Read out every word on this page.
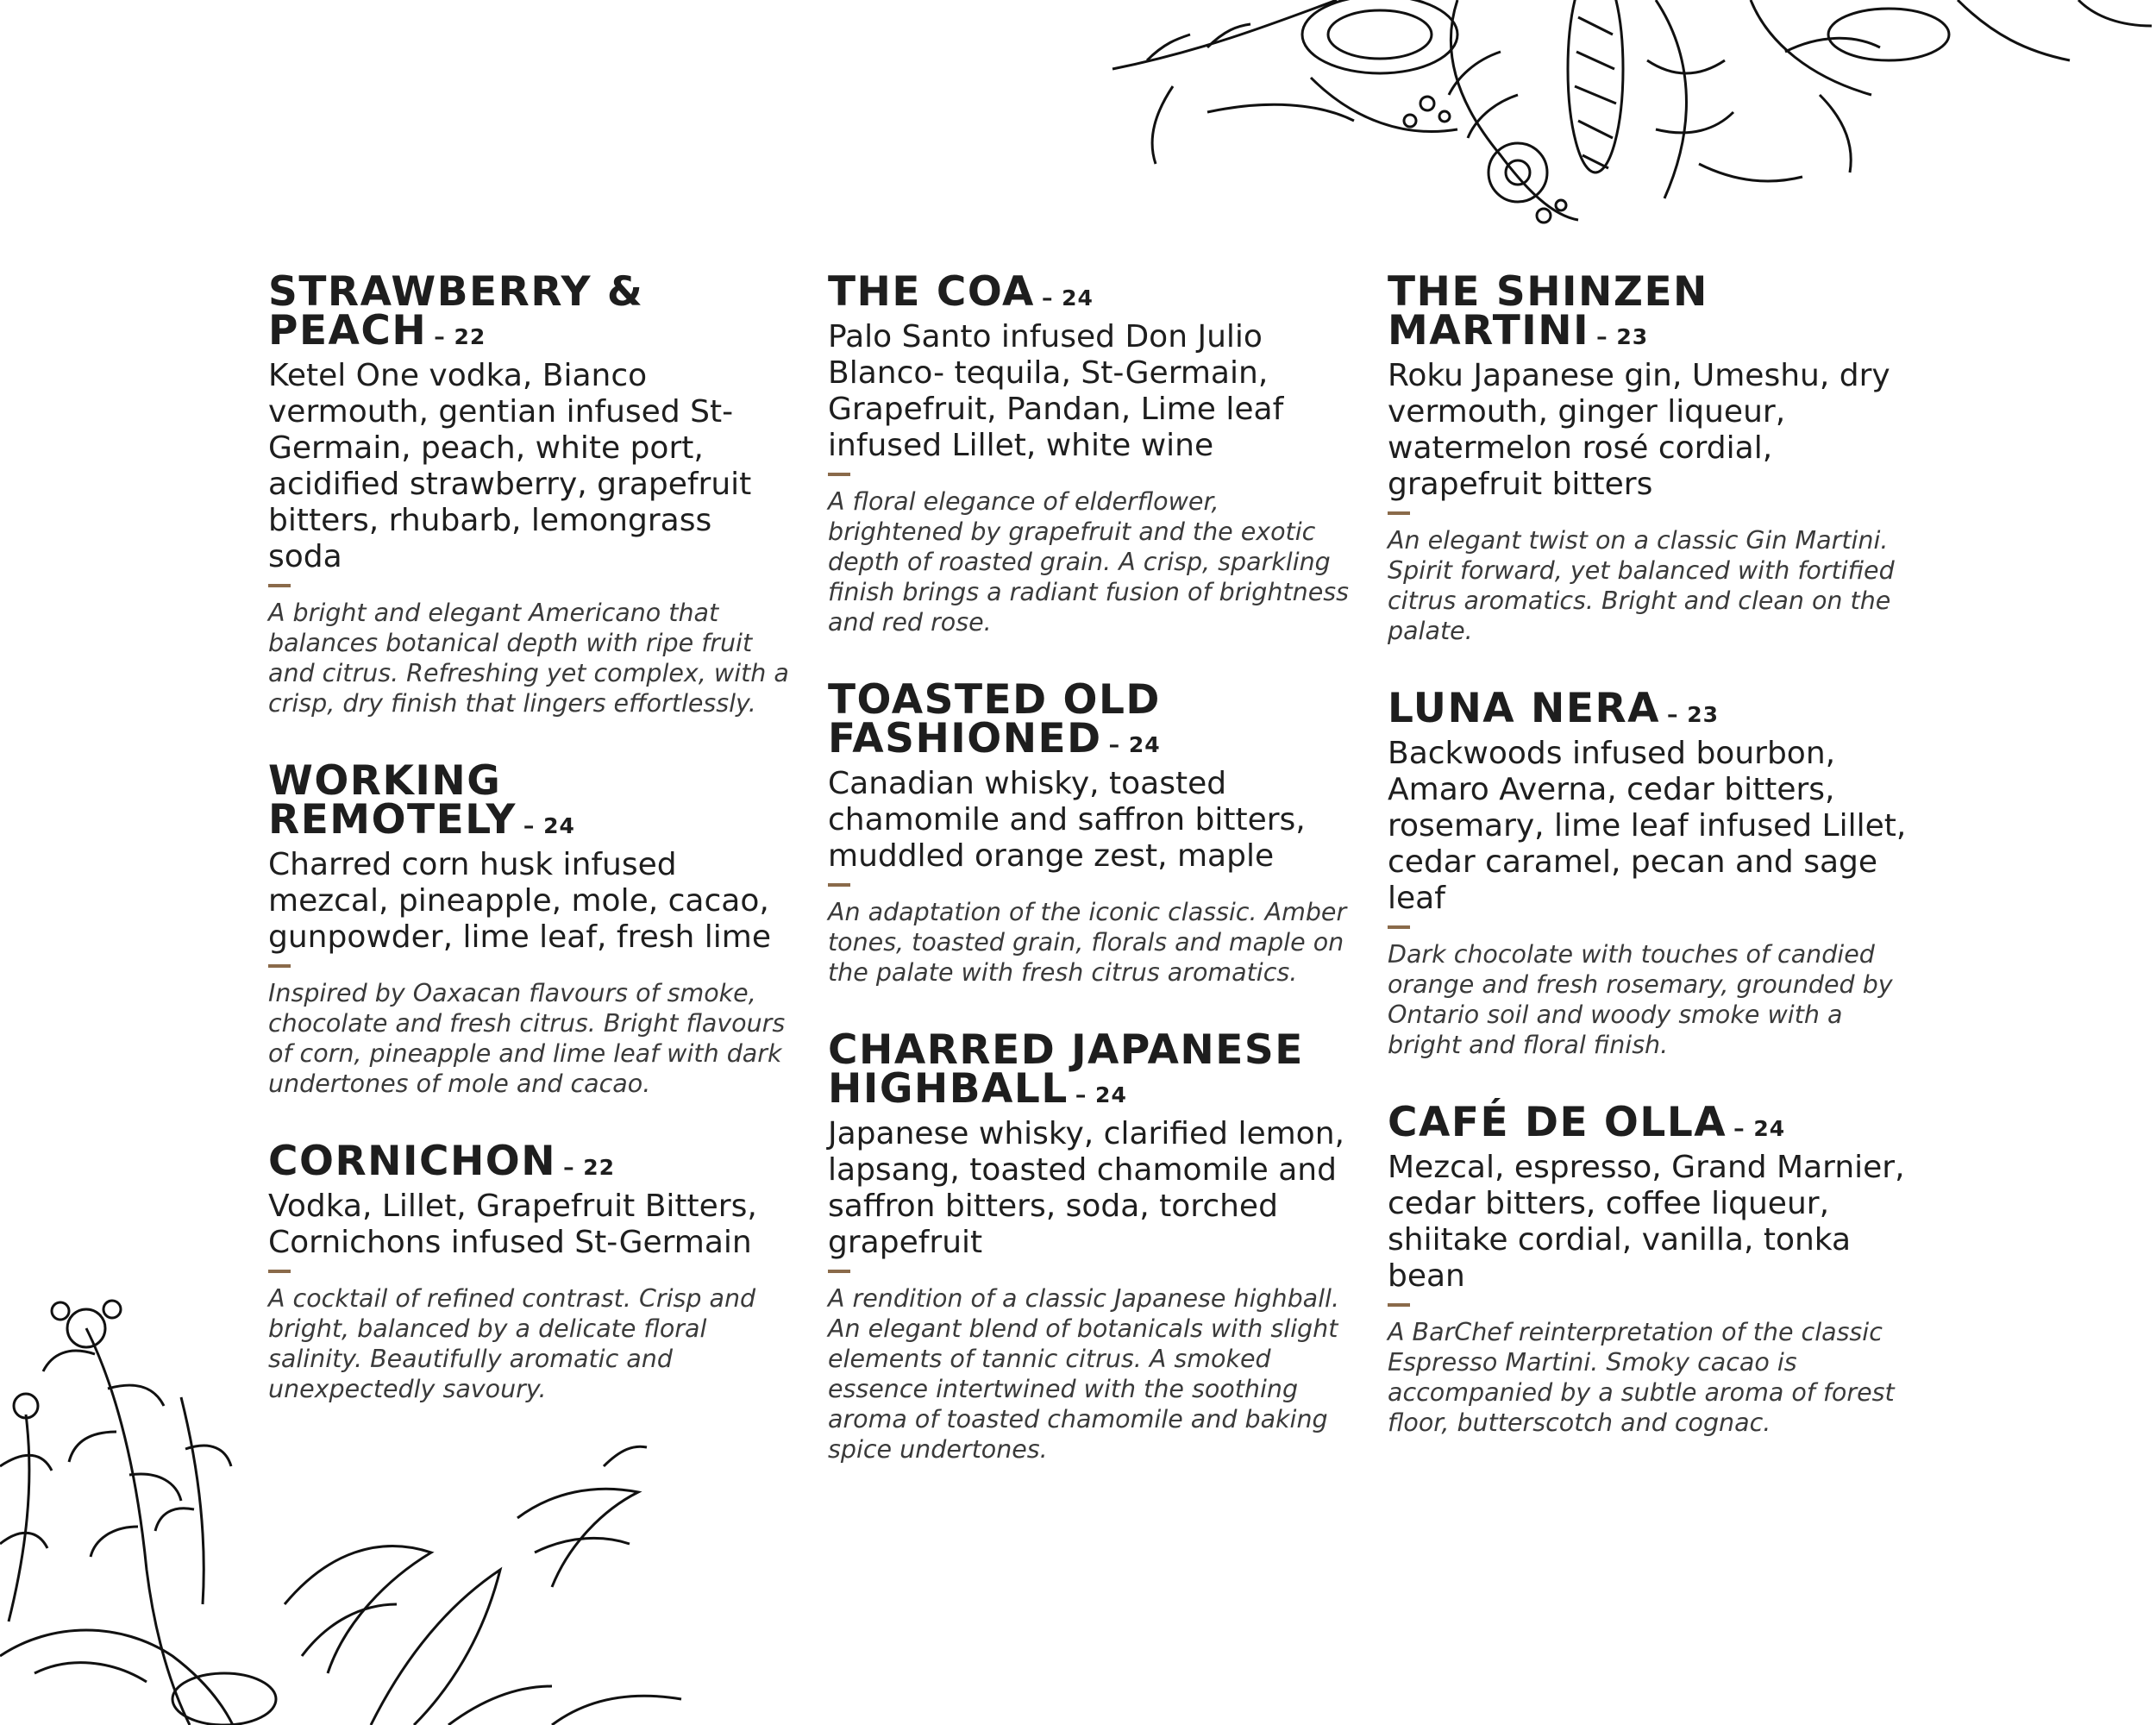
STRAWBERRY & PEACH – 22

Ketel One vodka, Bianco vermouth, gentian infused St-Germain, peach, white port, acidified strawberry, grapefruit bitters, rhubarb, lemongrass soda

A bright and elegant Americano that balances botanical depth with ripe fruit and citrus. Refreshing yet complex, with a crisp, dry finish that lingers effortlessly.

WORKING REMOTELY – 24

Charred corn husk infused mezcal, pineapple, mole, cacao, gunpowder, lime leaf, fresh lime

Inspired by Oaxacan flavours of smoke, chocolate and fresh citrus. Bright flavours of corn, pineapple and lime leaf with dark undertones of mole and cacao.

CORNICHON – 22

Vodka, Lillet, Grapefruit Bitters, Cornichons infused St-Germain

A cocktail of refined contrast. Crisp and bright, balanced by a delicate floral salinity. Beautifully aromatic and unexpectedly savoury.

THE COA – 24

Palo Santo infused Don Julio Blanco- tequila, St-Germain, Grapefruit, Pandan, Lime leaf infused Lillet, white wine

A floral elegance of elderflower, brightened by grapefruit and the exotic depth of roasted grain. A crisp, sparkling finish brings a radiant fusion of brightness and red rose.

TOASTED OLD FASHIONED – 24

Canadian whisky, toasted chamomile and saffron bitters, muddled orange zest, maple

An adaptation of the iconic classic. Amber tones, toasted grain, florals and maple on the palate with fresh citrus aromatics.

CHARRED JAPANESE HIGHBALL – 24

Japanese whisky, clarified lemon, lapsang, toasted chamomile and saffron bitters, soda, torched grapefruit

A rendition of a classic Japanese highball. An elegant blend of botanicals with slight elements of tannic citrus. A smoked essence intertwined with the soothing aroma of toasted chamomile and baking spice undertones.

THE SHINZEN MARTINI – 23

Roku Japanese gin, Umeshu, dry vermouth, ginger liqueur, watermelon rosé cordial, grapefruit bitters

An elegant twist on a classic Gin Martini. Spirit forward, yet balanced with fortified citrus aromatics. Bright and clean on the palate.

LUNA NERA – 23

Backwoods infused bourbon, Amaro Averna, cedar bitters, rosemary, lime leaf infused Lillet, cedar caramel, pecan and sage leaf

Dark chocolate with touches of candied orange and fresh rosemary, grounded by Ontario soil and woody smoke with a bright and floral finish.

CAFÉ DE OLLA – 24

Mezcal, espresso, Grand Marnier, cedar bitters, coffee liqueur, shiitake cordial, vanilla, tonka bean

A BarChef reinterpretation of the classic Espresso Martini. Smoky cacao is accompanied by a subtle aroma of forest floor, butterscotch and cognac.
